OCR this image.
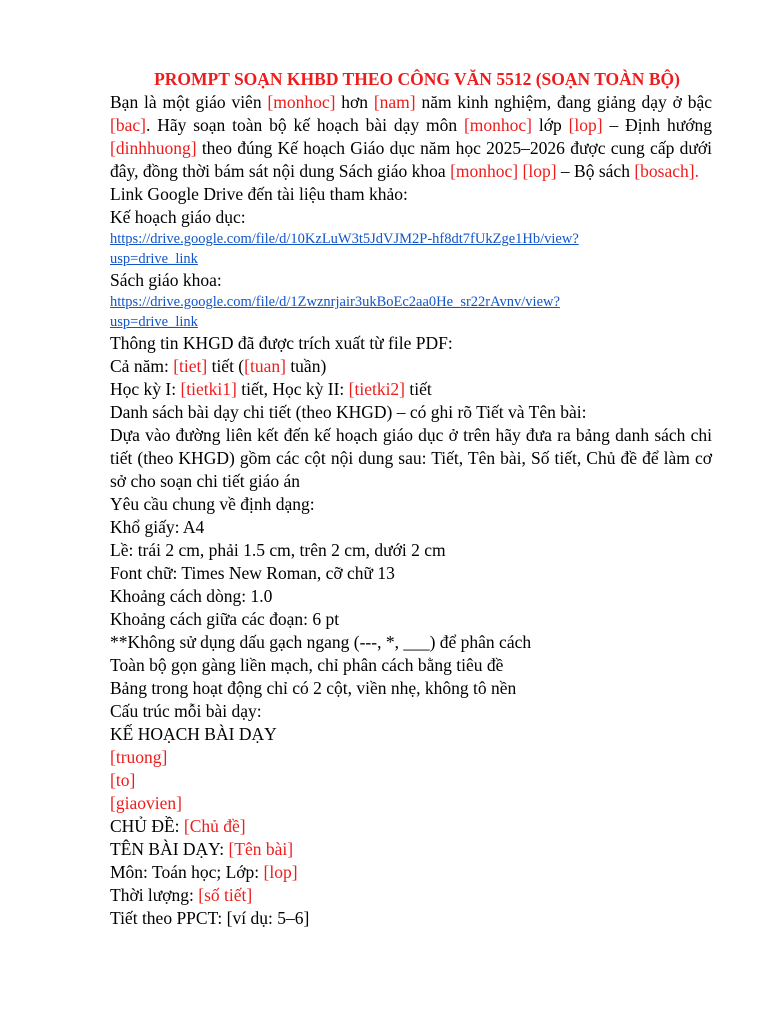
PROMPT SOẠN KHBD THEO CÔNG VĂN 5512 (SOẠN TOÀN BỘ)
Bạn là một giáo viên [monhoc] hơn [nam] năm kinh nghiệm, đang giảng dạy ở bậc [bac]. Hãy soạn toàn bộ kế hoạch bài dạy môn [monhoc] lớp [lop] – Định hướng [dinhhuong] theo đúng Kế hoạch Giáo dục năm học 2025–2026 được cung cấp dưới đây, đồng thời bám sát nội dung Sách giáo khoa [monhoc] [lop] – Bộ sách [bosach].
Link Google Drive đến tài liệu tham khảo:
Kế hoạch giáo dục:
https://drive.google.com/file/d/10KzLuW3t5JdVJM2P-hf8dt7fUkZge1Hb/view?
usp=drive_link
Sách giáo khoa:
https://drive.google.com/file/d/1Zwznrjair3ukBoEc2aa0He_sr22rAvnv/view?
usp=drive_link
Thông tin KHGD đã được trích xuất từ file PDF:
Cả năm: [tiet] tiết ([tuan] tuần)
Học kỳ I: [tietki1] tiết, Học kỳ II: [tietki2] tiết
Danh sách bài dạy chi tiết (theo KHGD) – có ghi rõ Tiết và Tên bài:
Dựa vào đường liên kết đến kế hoạch giáo dục ở trên hãy đưa ra bảng danh sách chi tiết (theo KHGD) gồm các cột nội dung sau: Tiết, Tên bài, Số tiết, Chủ đề để làm cơ sở cho soạn chi tiết giáo án
Yêu cầu chung về định dạng:
Khổ giấy: A4
Lề: trái 2 cm, phải 1.5 cm, trên 2 cm, dưới 2 cm
Font chữ: Times New Roman, cỡ chữ 13
Khoảng cách dòng: 1.0
Khoảng cách giữa các đoạn: 6 pt
**Không sử dụng dấu gạch ngang (---, *, ___) để phân cách
Toàn bộ gọn gàng liền mạch, chỉ phân cách bằng tiêu đề
Bảng trong hoạt động chỉ có 2 cột, viền nhẹ, không tô nền
Cấu trúc mỗi bài dạy:
KẾ HOẠCH BÀI DẠY
[truong]
[to]
[giaovien]
CHỦ ĐỀ: [Chủ đề]
TÊN BÀI DẠY: [Tên bài]
Môn: Toán học; Lớp: [lop]
Thời lượng: [số tiết]
Tiết theo PPCT: [ví dụ: 5–6]
